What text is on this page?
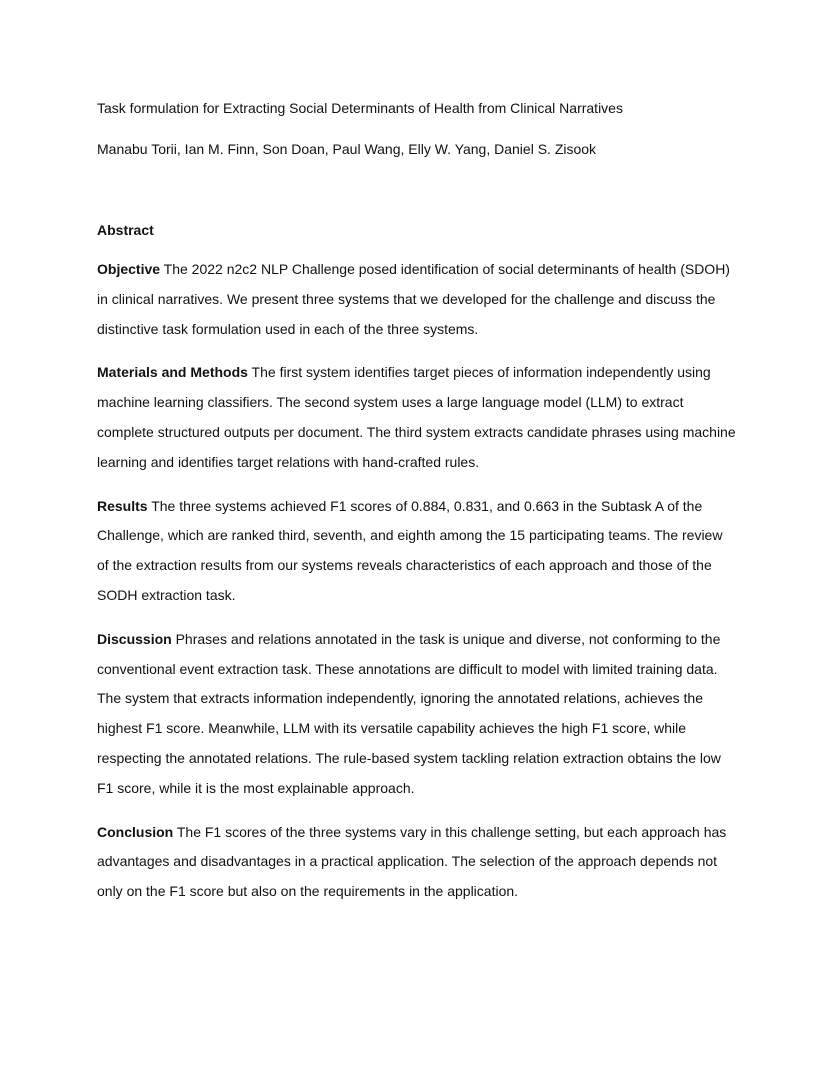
Task formulation for Extracting Social Determinants of Health from Clinical Narratives

Manabu Torii, Ian M. Finn, Son Doan, Paul Wang, Elly W. Yang, Daniel S. Zisook

Abstract

Objective The 2022 n2c2 NLP Challenge posed identification of social determinants of health (SDOH) in clinical narratives. We present three systems that we developed for the challenge and discuss the distinctive task formulation used in each of the three systems.

Materials and Methods The first system identifies target pieces of information independently using machine learning classifiers. The second system uses a large language model (LLM) to extract complete structured outputs per document. The third system extracts candidate phrases using machine learning and identifies target relations with hand-crafted rules.

Results The three systems achieved F1 scores of 0.884, 0.831, and 0.663 in the Subtask A of the Challenge, which are ranked third, seventh, and eighth among the 15 participating teams. The review of the extraction results from our systems reveals characteristics of each approach and those of the SODH extraction task.

Discussion Phrases and relations annotated in the task is unique and diverse, not conforming to the conventional event extraction task. These annotations are difficult to model with limited training data. The system that extracts information independently, ignoring the annotated relations, achieves the highest F1 score. Meanwhile, LLM with its versatile capability achieves the high F1 score, while respecting the annotated relations. The rule-based system tackling relation extraction obtains the low F1 score, while it is the most explainable approach.

Conclusion The F1 scores of the three systems vary in this challenge setting, but each approach has advantages and disadvantages in a practical application. The selection of the approach depends not only on the F1 score but also on the requirements in the application.
